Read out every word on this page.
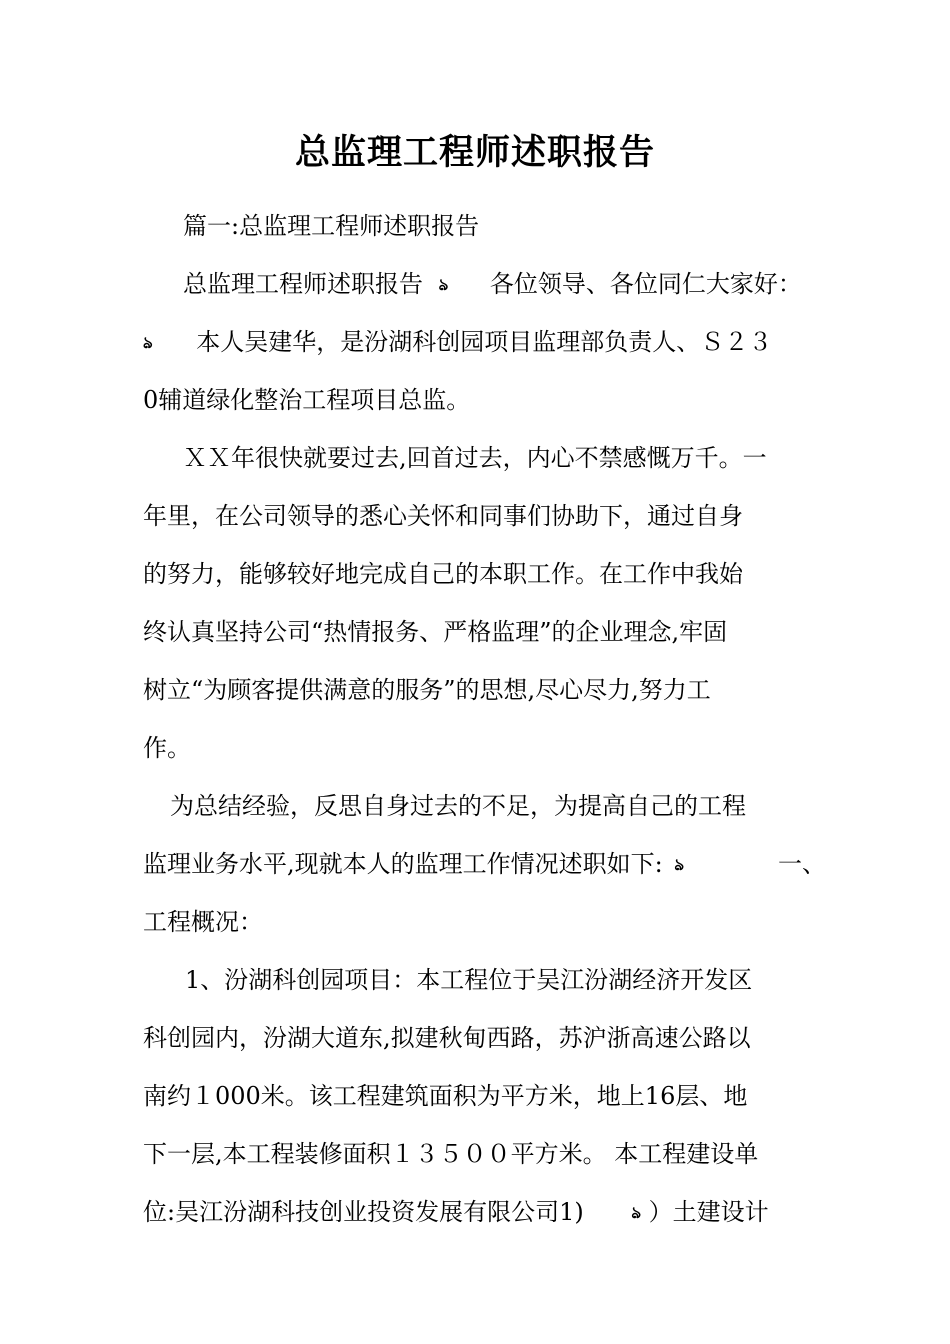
总监理工程师述职报告
篇一:总监理工程师述职报告
总监理工程师述职报告 ঌ 各位领导、各位同仁大家好：
ঌ 本人吴建华，是汾湖科创园项目监理部负责人、Ｓ２３
0辅道绿化整治工程项目总监。
ＸＸ年很快就要过去,回首过去，内心不禁感慨万千。一
年里，在公司领导的悉心关怀和同事们协助下，通过自身
的努力，能够较好地完成自己的本职工作。在工作中我始
终认真坚持公司“热情报务、严格监理”的企业理念,牢固
树立“为顾客提供满意的服务”的思想,尽心尽力,努力工
作。
为总结经验，反思自身过去的不足，为提高自己的工程
监理业务水平,现就本人的监理工作情况述职如下: ঌ	一、
工程概况：
1、汾湖科创园项目：本工程位于吴江汾湖经济开发区
科创园内，汾湖大道东,拟建秋甸西路，苏沪浙高速公路以
南约１000米。该工程建筑面积为平方米，地上16层、地
下一层,本工程装修面积１３５００平方米。 本工程建设单
位:吴江汾湖科技创业投资发展有限公司1)	ঌ ）土建设计
